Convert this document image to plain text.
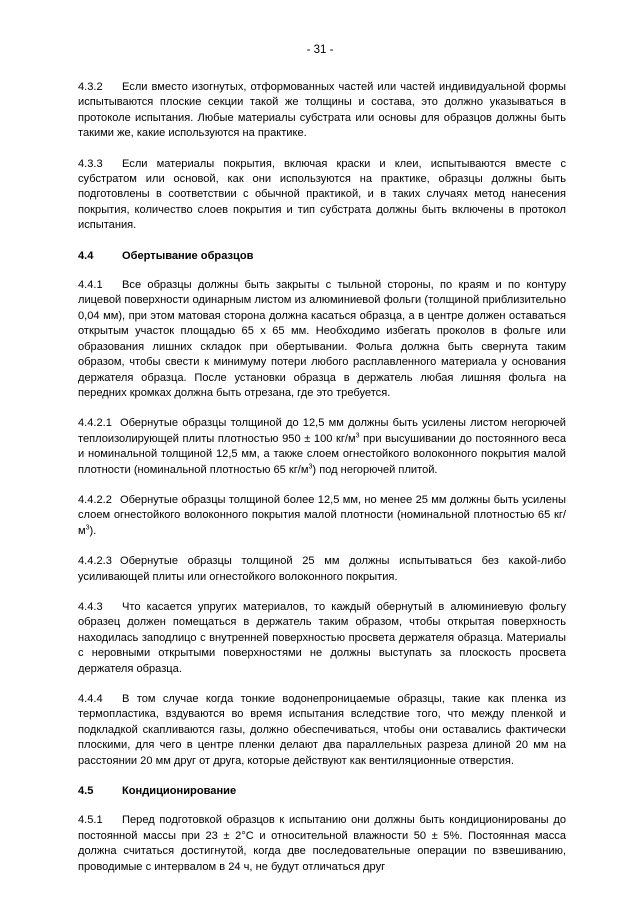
- 31 -

4.3.2 Если вместо изогнутых, отформованных частей или частей индивидуальной формы испытываются плоские секции такой же толщины и состава, это должно указываться в протоколе испытания. Любые материалы субстрата или основы для образцов должны быть такими же, какие используются на практике.

4.3.3 Если материалы покрытия, включая краски и клеи, испытываются вместе с субстратом или основой, как они используются на практике, образцы должны быть подготовлены в соответствии с обычной практикой, и в таких случаях метод нанесения покрытия, количество слоев покрытия и тип субстрата должны быть включены в протокол испытания.

4.4	Обертывание образцов

4.4.1 Все образцы должны быть закрыты с тыльной стороны, по краям и по контуру лицевой поверхности одинарным листом из алюминиевой фольги (толщиной приблизительно 0,04 мм), при этом матовая сторона должна касаться образца, а в центре должен оставаться открытым участок площадью 65 x 65 мм. Необходимо избегать проколов в фольге или образования лишних складок при обертывании. Фольга должна быть свернута таким образом, чтобы свести к минимуму потери любого расплавленного материала у основания держателя образца. После установки образца в держатель любая лишняя фольга на передних кромках должна быть отрезана, где это требуется.

4.4.2.1 Обернутые образцы толщиной до 12,5 мм должны быть усилены листом негорючей теплоизолирующей плиты плотностью 950 ± 100 $кг/м^3$ при высушивании до постоянного веса и номинальной толщиной 12,5 мм, а также слоем огнестойкого волоконного покрытия малой плотности (номинальной плотностью 65 $кг/м^3$) под негорючей плитой.

4.4.2.2 Обернутые образцы толщиной более 12,5 мм, но менее 25 мм должны быть усилены слоем огнестойкого волоконного покрытия малой плотности (номинальной плотностью 65 $кг/м^3$).

4.4.2.3 Обернутые образцы толщиной 25 мм должны испытываться без какой-либо усиливающей плиты или огнестойкого волоконного покрытия.

4.4.3 Что касается упругих материалов, то каждый обернутый в алюминиевую фольгу образец должен помещаться в держатель таким образом, чтобы открытая поверхность находилась заподлицо с внутренней поверхностью просвета держателя образца. Материалы с неровными открытыми поверхностями не должны выступать за плоскость просвета держателя образца.

4.4.4 В том случае когда тонкие водонепроницаемые образцы, такие как пленка из термопластика, вздуваются во время испытания вследствие того, что между пленкой и подкладкой скапливаются газы, должно обеспечиваться, чтобы они оставались фактически плоскими, для чего в центре пленки делают два параллельных разреза длиной 20 мм на расстоянии 20 мм друг от друга, которые действуют как вентиляционные отверстия.

4.5	Кондиционирование

4.5.1 Перед подготовкой образцов к испытанию они должны быть кондиционированы до постоянной массы при 23 ± 2°C и относительной влажности 50 ± 5%. Постоянная масса должна считаться достигнутой, когда две последовательные операции по взвешиванию, проводимые с интервалом в 24 ч, не будут отличаться друг
